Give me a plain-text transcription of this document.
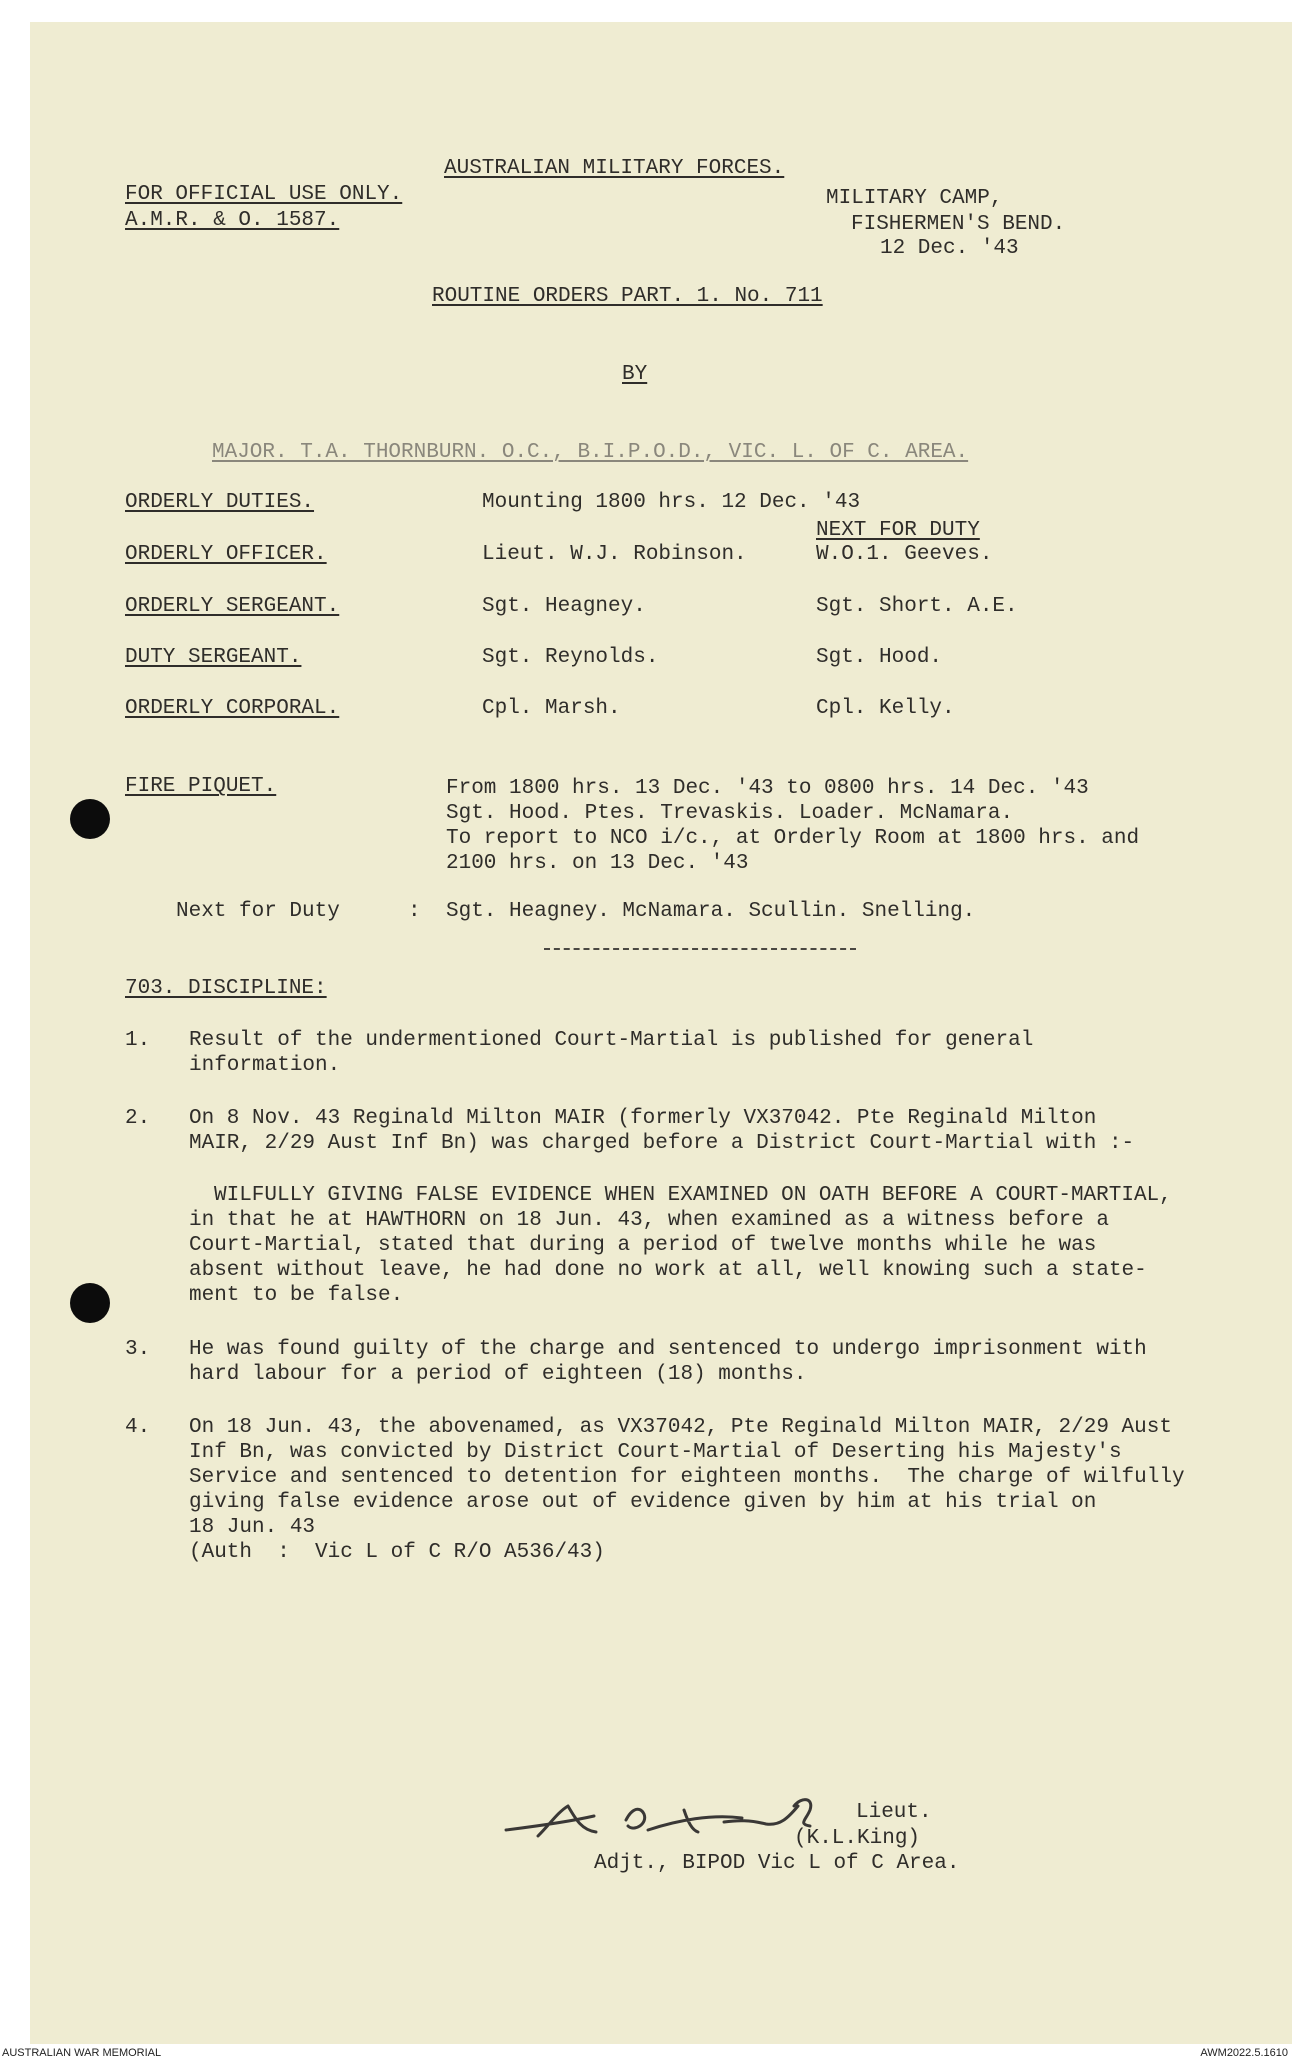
AUSTRALIAN MILITARY FORCES.
FOR OFFICIAL USE ONLY.
A.M.R. & O. 1587.
MILITARY CAMP,
FISHERMEN'S BEND.
12 Dec. '43
ROUTINE ORDERS PART. 1. No. 711
BY
MAJOR. T.A. THORNBURN. O.C., B.I.P.O.D., VIC. L. OF C. AREA.
ORDERLY DUTIES.	Mounting 1800 hrs. 12 Dec. '43
NEXT FOR DUTY
ORDERLY OFFICER.	Lieut. W.J. Robinson.	W.O.1. Geeves.
ORDERLY SERGEANT.	Sgt. Heagney.	Sgt. Short. A.E.
DUTY SERGEANT.	Sgt. Reynolds.	Sgt. Hood.
ORDERLY CORPORAL.	Cpl. Marsh.	Cpl. Kelly.
FIRE PIQUET.	From 1800 hrs. 13 Dec. '43 to 0800 hrs. 14 Dec. '43
Sgt. Hood. Ptes. Trevaskis. Loader. McNamara.
To report to NCO i/c., at Orderly Room at 1800 hrs. and
2100 hrs. on 13 Dec. '43
Next for Duty	: Sgt. Heagney. McNamara. Scullin. Snelling.
703. DISCIPLINE:
1. Result of the undermentioned Court-Martial is published for general
information.
2. On 8 Nov. 43 Reginald Milton MAIR (formerly VX37042. Pte Reginald Milton
MAIR, 2/29 Aust Inf Bn) was charged before a District Court-Martial with :-
WILFULLY GIVING FALSE EVIDENCE WHEN EXAMINED ON OATH BEFORE A COURT-MARTIAL,
in that he at HAWTHORN on 18 Jun. 43, when examined as a witness before a
Court-Martial, stated that during a period of twelve months while he was
absent without leave, he had done no work at all, well knowing such a state-
ment to be false.
3. He was found guilty of the charge and sentenced to undergo imprisonment with
hard labour for a period of eighteen (18) months.
4. On 18 Jun. 43, the abovenamed, as VX37042, Pte Reginald Milton MAIR, 2/29 Aust
Inf Bn, was convicted by District Court-Martial of Deserting his Majesty's
Service and sentenced to detention for eighteen months.  The charge of wilfully
giving false evidence arose out of evidence given by him at his trial on
18 Jun. 43
(Auth  :  Vic L of C R/O A536/43)
Lieut.
(K.L.King)
Adjt., BIPOD Vic L of C Area.
AUSTRALIAN WAR MEMORIAL	AWM2022.5.1610
